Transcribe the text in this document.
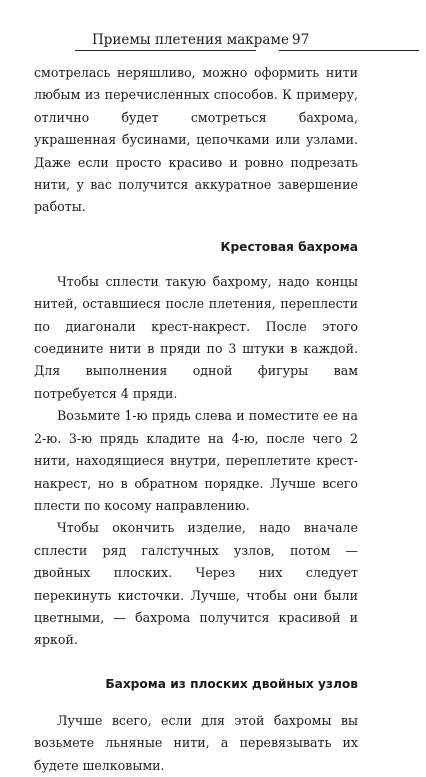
Приемы плетения макраме 97

смотрелась неряшливо, можно оформить нити любым из перечисленных способов. К примеру, отлично будет смотреться бахрома, украшенная бусинами, цепочками или узлами. Даже если просто красиво и ровно подрезать нити, у вас получится аккуратное завершение работы.

Крестовая бахрома

Чтобы сплести такую бахрому, надо концы нитей, оставшиеся после плетения, переплести по диагонали крест-накрест. После этого соедините нити в пряди по 3 штуки в каждой. Для выполнения одной фигуры вам потребуется 4 пряди.

Возьмите 1-ю прядь слева и поместите ее на 2-ю. 3-ю прядь кладите на 4-ю, после чего 2 нити, находящиеся внутри, переплетите крест-накрест, но в обратном порядке. Лучше всего плести по косому направлению.

Чтобы окончить изделие, надо вначале сплести ряд галстучных узлов, потом — двойных плоских. Через них следует перекинуть кисточки. Лучше, чтобы они были цветными, — бахрома получится красивой и яркой.

Бахрома из плоских двойных узлов

Лучше всего, если для этой бахромы вы возьмете льняные нити, а перевязывать их будете шелковыми.
